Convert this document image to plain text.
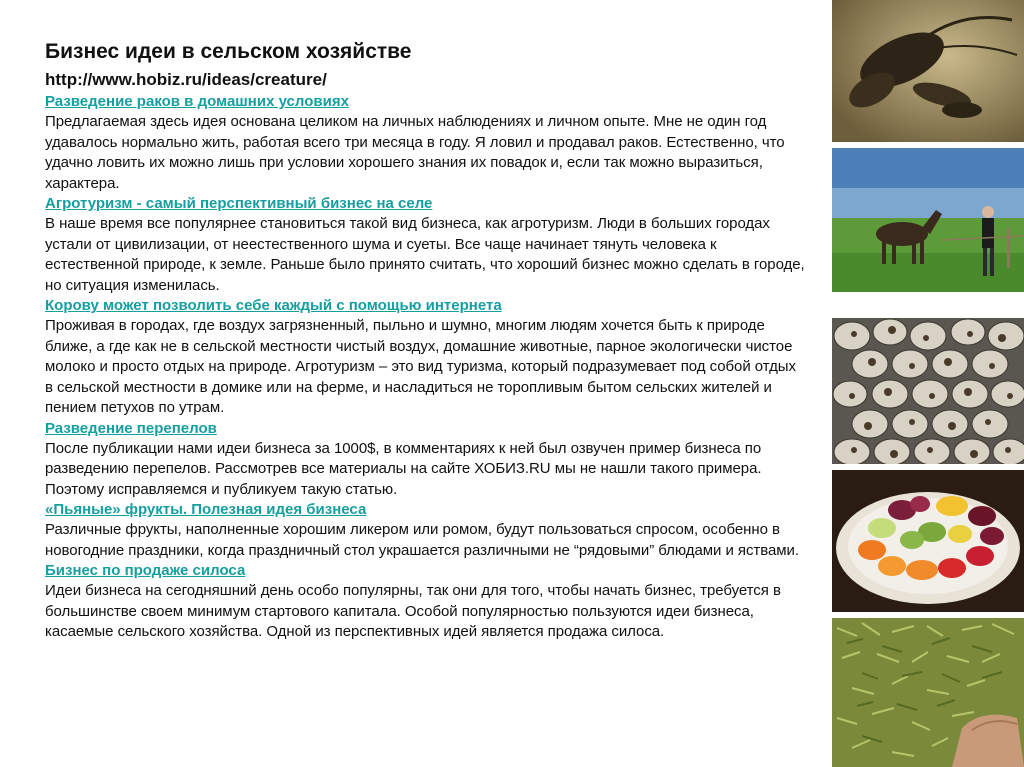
Бизнес идеи в сельском хозяйстве
http://www.hobiz.ru/ideas/creature/
Разведение раков в домашних условиях

Предлагаемая здесь идея основана целиком на личных наблюдениях и личном опыте. Мне не один год удавалось нормально жить, работая всего три месяца в году. Я ловил и продавал раков. Естественно, что удачно ловить их можно лишь при условии хорошего знания их повадок и, если так можно выразиться, характера.

Агротуризм - самый перспективный бизнес на селе

В наше время все популярнее становиться такой вид бизнеса, как агротуризм. Люди в больших городах устали от цивилизации, от неестественного шума и суеты. Все чаще начинает тянуть человека к естественной природе, к земле. Раньше было принято считать, что хороший бизнес можно сделать в городе, но ситуация изменилась.

Корову может позволить себе каждый с помощью интернета

Проживая в городах, где воздух загрязненный, пыльно и шумно, многим людям хочется быть к природе ближе, а где как не в сельской местности чистый воздух, домашние животные, парное экологически чистое молоко и просто отдых на природе. Агротуризм – это вид туризма, который подразумевает под собой отдых в сельской местности в домике или на ферме, и насладиться не торопливым бытом сельских жителей и пением петухов по утрам.

Разведение перепелов

После публикации нами идеи бизнеса за 1000$, в комментариях к ней был озвучен пример бизнеса по разведению перепелов. Рассмотрев все материалы на сайте ХОБИЗ.RU мы не нашли такого примера. Поэтому исправляемся и публикуем такую статью.

«Пьяные» фрукты. Полезная идея бизнеса

Различные фрукты, наполненные хорошим ликером или ромом, будут пользоваться спросом, особенно в новогодние праздники, когда праздничный стол украшается различными не “рядовыми” блюдами и яствами.

Бизнес по продаже силоса

Идеи бизнеса на сегодняшний день особо популярны, так они для того, чтобы начать бизнес, требуется в большинстве своем минимум стартового капитала. Особой популярностью пользуются идеи бизнеса, касаемые сельского хозяйства. Одной из перспективных идей является продажа силоса.
